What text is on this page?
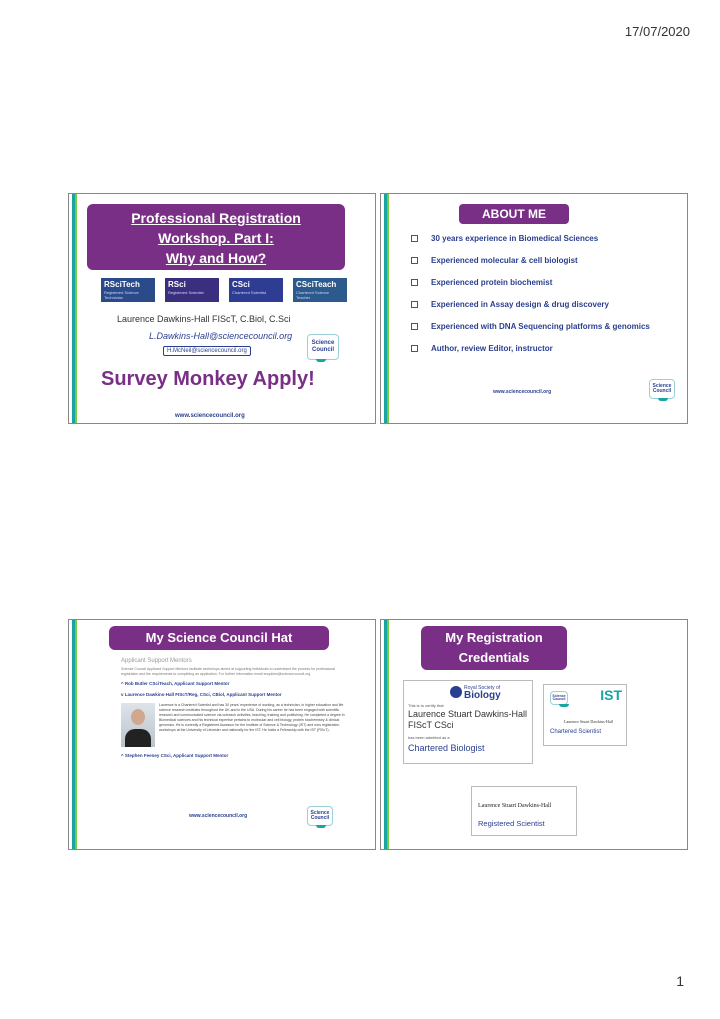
17/07/2020
Professional Registration
Workshop. Part I:
Why and How?
RSciTech
Registered Science Technician
RSci
Registered Scientist
CSci
Chartered Scientist
CSciTeach
Chartered Science Teacher
Laurence Dawkins-Hall FIScT, C.Biol, C.Sci
L.Dawkins-Hall@sciencecouncil.org
H.McNeil@sciencecouncil.org
Science
Council
Survey Monkey Apply!
www.sciencecouncil.org
ABOUT ME
30 years experience in Biomedical Sciences
Experienced molecular & cell biologist
Experienced protein biochemist
Experienced in Assay design & drug discovery
Experienced with DNA Sequencing platforms & genomics
Author, review Editor, instructor
www.sciencecouncil.org
Science
Council
My Science Council Hat
Applicant Support Mentors
Science Council Applicant Support Mentors facilitate workshops aimed at supporting individuals to understand the process for professional registration and the requirements to completing an application. For further information email enquiries@sciencecouncil.org
^ Rob Butler CSciTeach, Applicant Support Mentor
v Laurence Dawkins-Hall FIScT/Reg, CSci, CBiol, Applicant Support Mentor
Laurence is a Chartered Scientist and has 30 years' experience of working, as a technician, in higher education and life science research institutes throughout the UK and in the USA. During his career he has been engaged with scientific research and communicated science via outreach activities, teaching, training and publishing. He completed a degree in Biomedical sciences and his technical expertise pertains to molecular and cell biology, protein biochemistry & clinical genomics. He is currently a Registered Assessor for the Institute of Science & Technology (IST) and runs registration workshops at the University of Leicester and nationally for the IST. He holds a Fellowship with the IST (FIScT).
^ Stephen Feeney CSci, Applicant Support Mentor
www.sciencecouncil.org	Science
Council
My Registration
Credentials
Royal Society of
Biology
This is to certify that
Laurence Stuart Dawkins-Hall FIScT CSci
has been admitted as a
Chartered Biologist
Science
Council IST
Laurence Stuart Dawkins-Hall
Chartered Scientist
Laurence Stuart Dawkins-Hall
Registered Scientist
1
